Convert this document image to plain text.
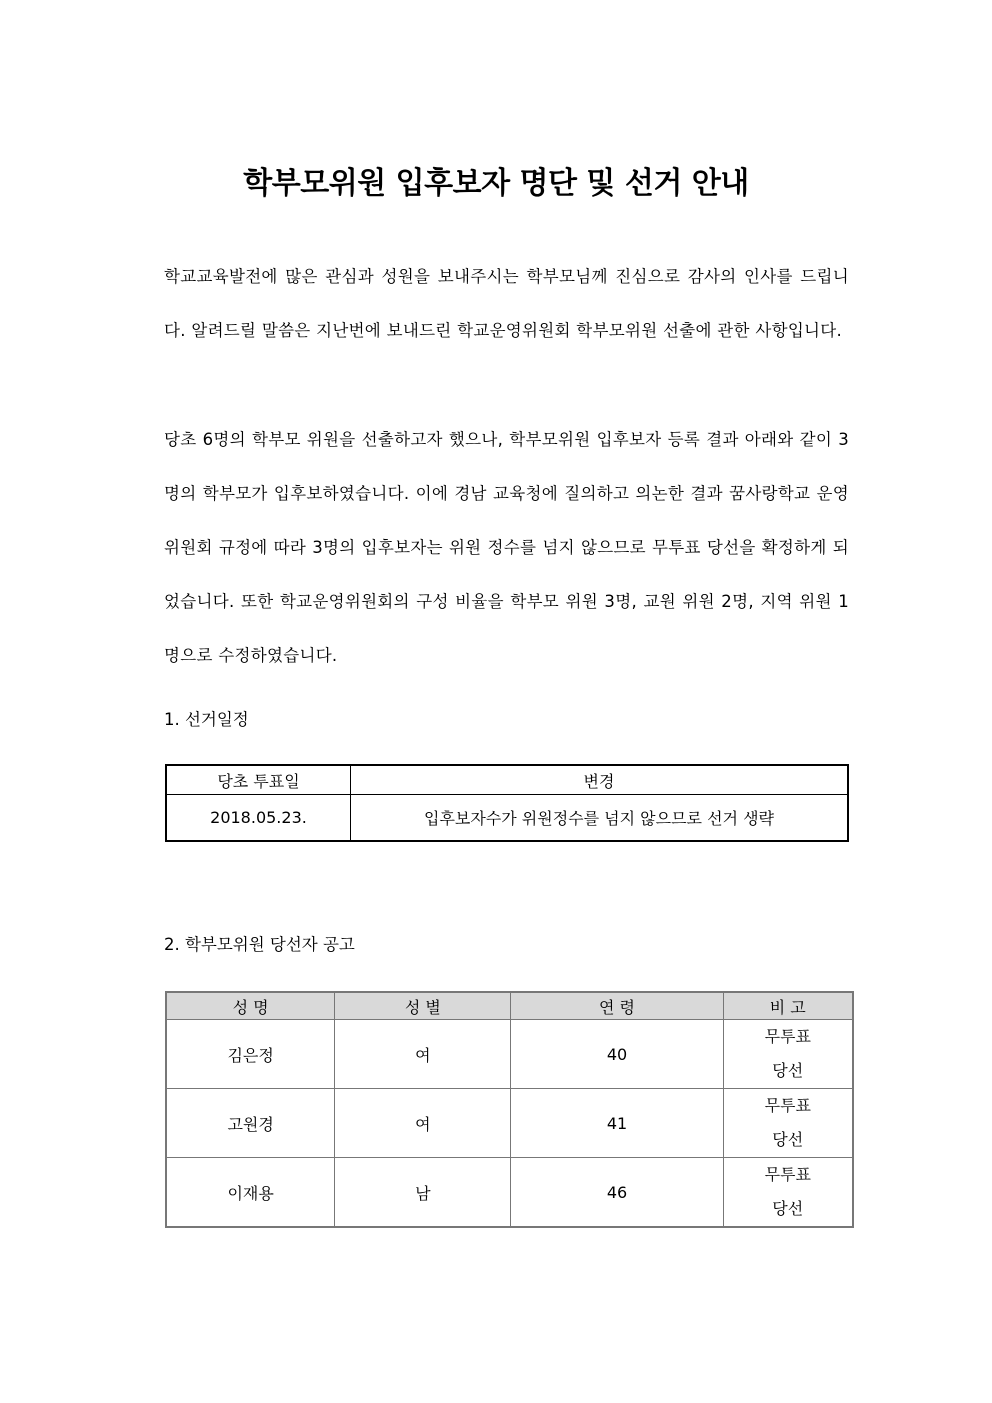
학부모위원 입후보자 명단 및 선거 안내

학교교육발전에 많은 관심과 성원을 보내주시는 학부모님께 진심으로 감사의 인사를 드립니다. 알려드릴 말씀은 지난번에 보내드린 학교운영위원회 학부모위원 선출에 관한 사항입니다.

당초 6명의 학부모 위원을 선출하고자 했으나, 학부모위원 입후보자 등록 결과 아래와 같이 3명의 학부모가 입후보하였습니다. 이에 경남 교육청에 질의하고 의논한 결과 꿈사랑학교 운영위원회 규정에 따라 3명의 입후보자는 위원 정수를 넘지 않으므로 무투표 당선을 확정하게 되었습니다. 또한 학교운영위원회의 구성 비율을 학부모 위원 3명, 교원 위원 2명, 지역 위원 1명으로 수정하였습니다.

1. 선거일정

당초 투표일	변경
2018.05.23.	입후보자수가 위원정수를 넘지 않으므로 선거 생략

2. 학부모위원 당선자 공고

성 명	성 별	연 령	비 고
김은정	여	40	무투표
당선

고원경	여	41	무투표
당선

이재용	남	46	무투표
당선
